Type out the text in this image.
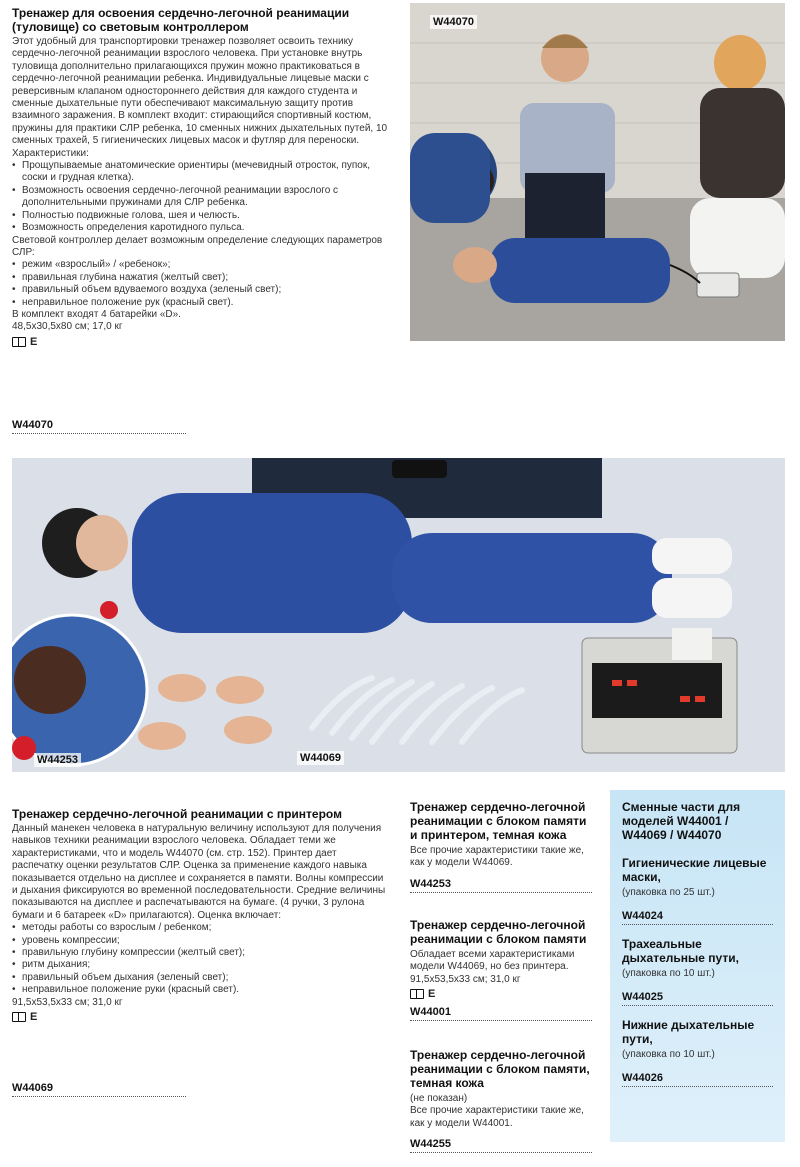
Тренажер для освоения сердечно-легочной реанимации (туловище) со световым контроллером
Этот удобный для транспортировки тренажер позволяет освоить технику сердечно-легочной реанимации взрослого человека. При установке внутрь туловища дополнительно прилагающихся пружин можно практиковаться в сердечно-легочной реанимации ребенка. Индивидуальные лицевые маски с реверсивным клапаном одностороннего действия для каждого студента и сменные дыхательные пути обеспечивают максимальную защиту против взаимного заражения. В комплект входит: стирающийся спортивный костюм, пружины для практики СЛР ребенка, 10 сменных нижних дыхательных путей, 10 сменных трахей, 5 гигиенических лицевых масок и футляр для переноски.
Характеристики:
• Прощупываемые анатомические ориентиры (мечевидный отросток, пупок, соски и грудная клетка).
• Возможность освоения сердечно-легочной реанимации взрослого с дополнительными пружинами для СЛР ребенка.
• Полностью подвижные голова, шея и челюсть.
• Возможность определения каротидного пульса.
Световой контроллер делает возможным определение следующих параметров СЛР:
• режим «взрослый» / «ребенок»;
• правильная глубина нажатия (желтый свет);
• правильный объем вдуваемого воздуха (зеленый свет);
• неправильное положение рук (красный свет).
В комплект входят 4 батарейки «D».
48,5x30,5x80 см; 17,0 кг
E
W44070
W44070
W44253	W44069
Тренажер сердечно-легочной реанимации с принтером
Данный манекен человека в натуральную величину используют для получения навыков техники реанимации взрослого человека. Обладает теми же характеристиками, что и модель W44070 (см. стр. 152). Принтер дает распечатку оценки результатов СЛР. Оценка за применение каждого навыка показывается отдельно на дисплее и сохраняется в памяти. Волны компрессии и дыхания фиксируются во временной последовательности. Средние величины показываются на дисплее и распечатываются на бумаге. (4 ручки, 3 рулона бумаги и 6 батареек «D» прилагаются). Оценка включает:
• методы работы со взрослым / ребенком;
• уровень компрессии;
• правильную глубину компрессии (желтый свет);
• ритм дыхания;
• правильный объем дыхания (зеленый свет);
• неправильное положение руки (красный свет).
91,5x53,5x33 см; 31,0 кг
E
W44069
Тренажер сердечно-легочной реанимации с блоком памяти и принтером, темная кожа
Все прочие характеристики такие же, как у модели W44069.
W44253
Тренажер сердечно-легочной реанимации с блоком памяти
Обладает всеми характеристиками модели W44069, но без принтера.
91,5x53,5x33 см; 31,0 кг
E
W44001
Тренажер сердечно-легочной реанимации с блоком памяти, темная кожа
(не показан)
Все прочие характеристики такие же, как у модели W44001.
W44255
Сменные части для моделей W44001 / W44069 / W44070
Гигиенические лицевые маски,
(упаковка по 25 шт.)
W44024
Трахеальные дыхательные пути,
(упаковка по 10 шт.)
W44025
Нижние дыхательные пути,
(упаковка по 10 шт.)
W44026
